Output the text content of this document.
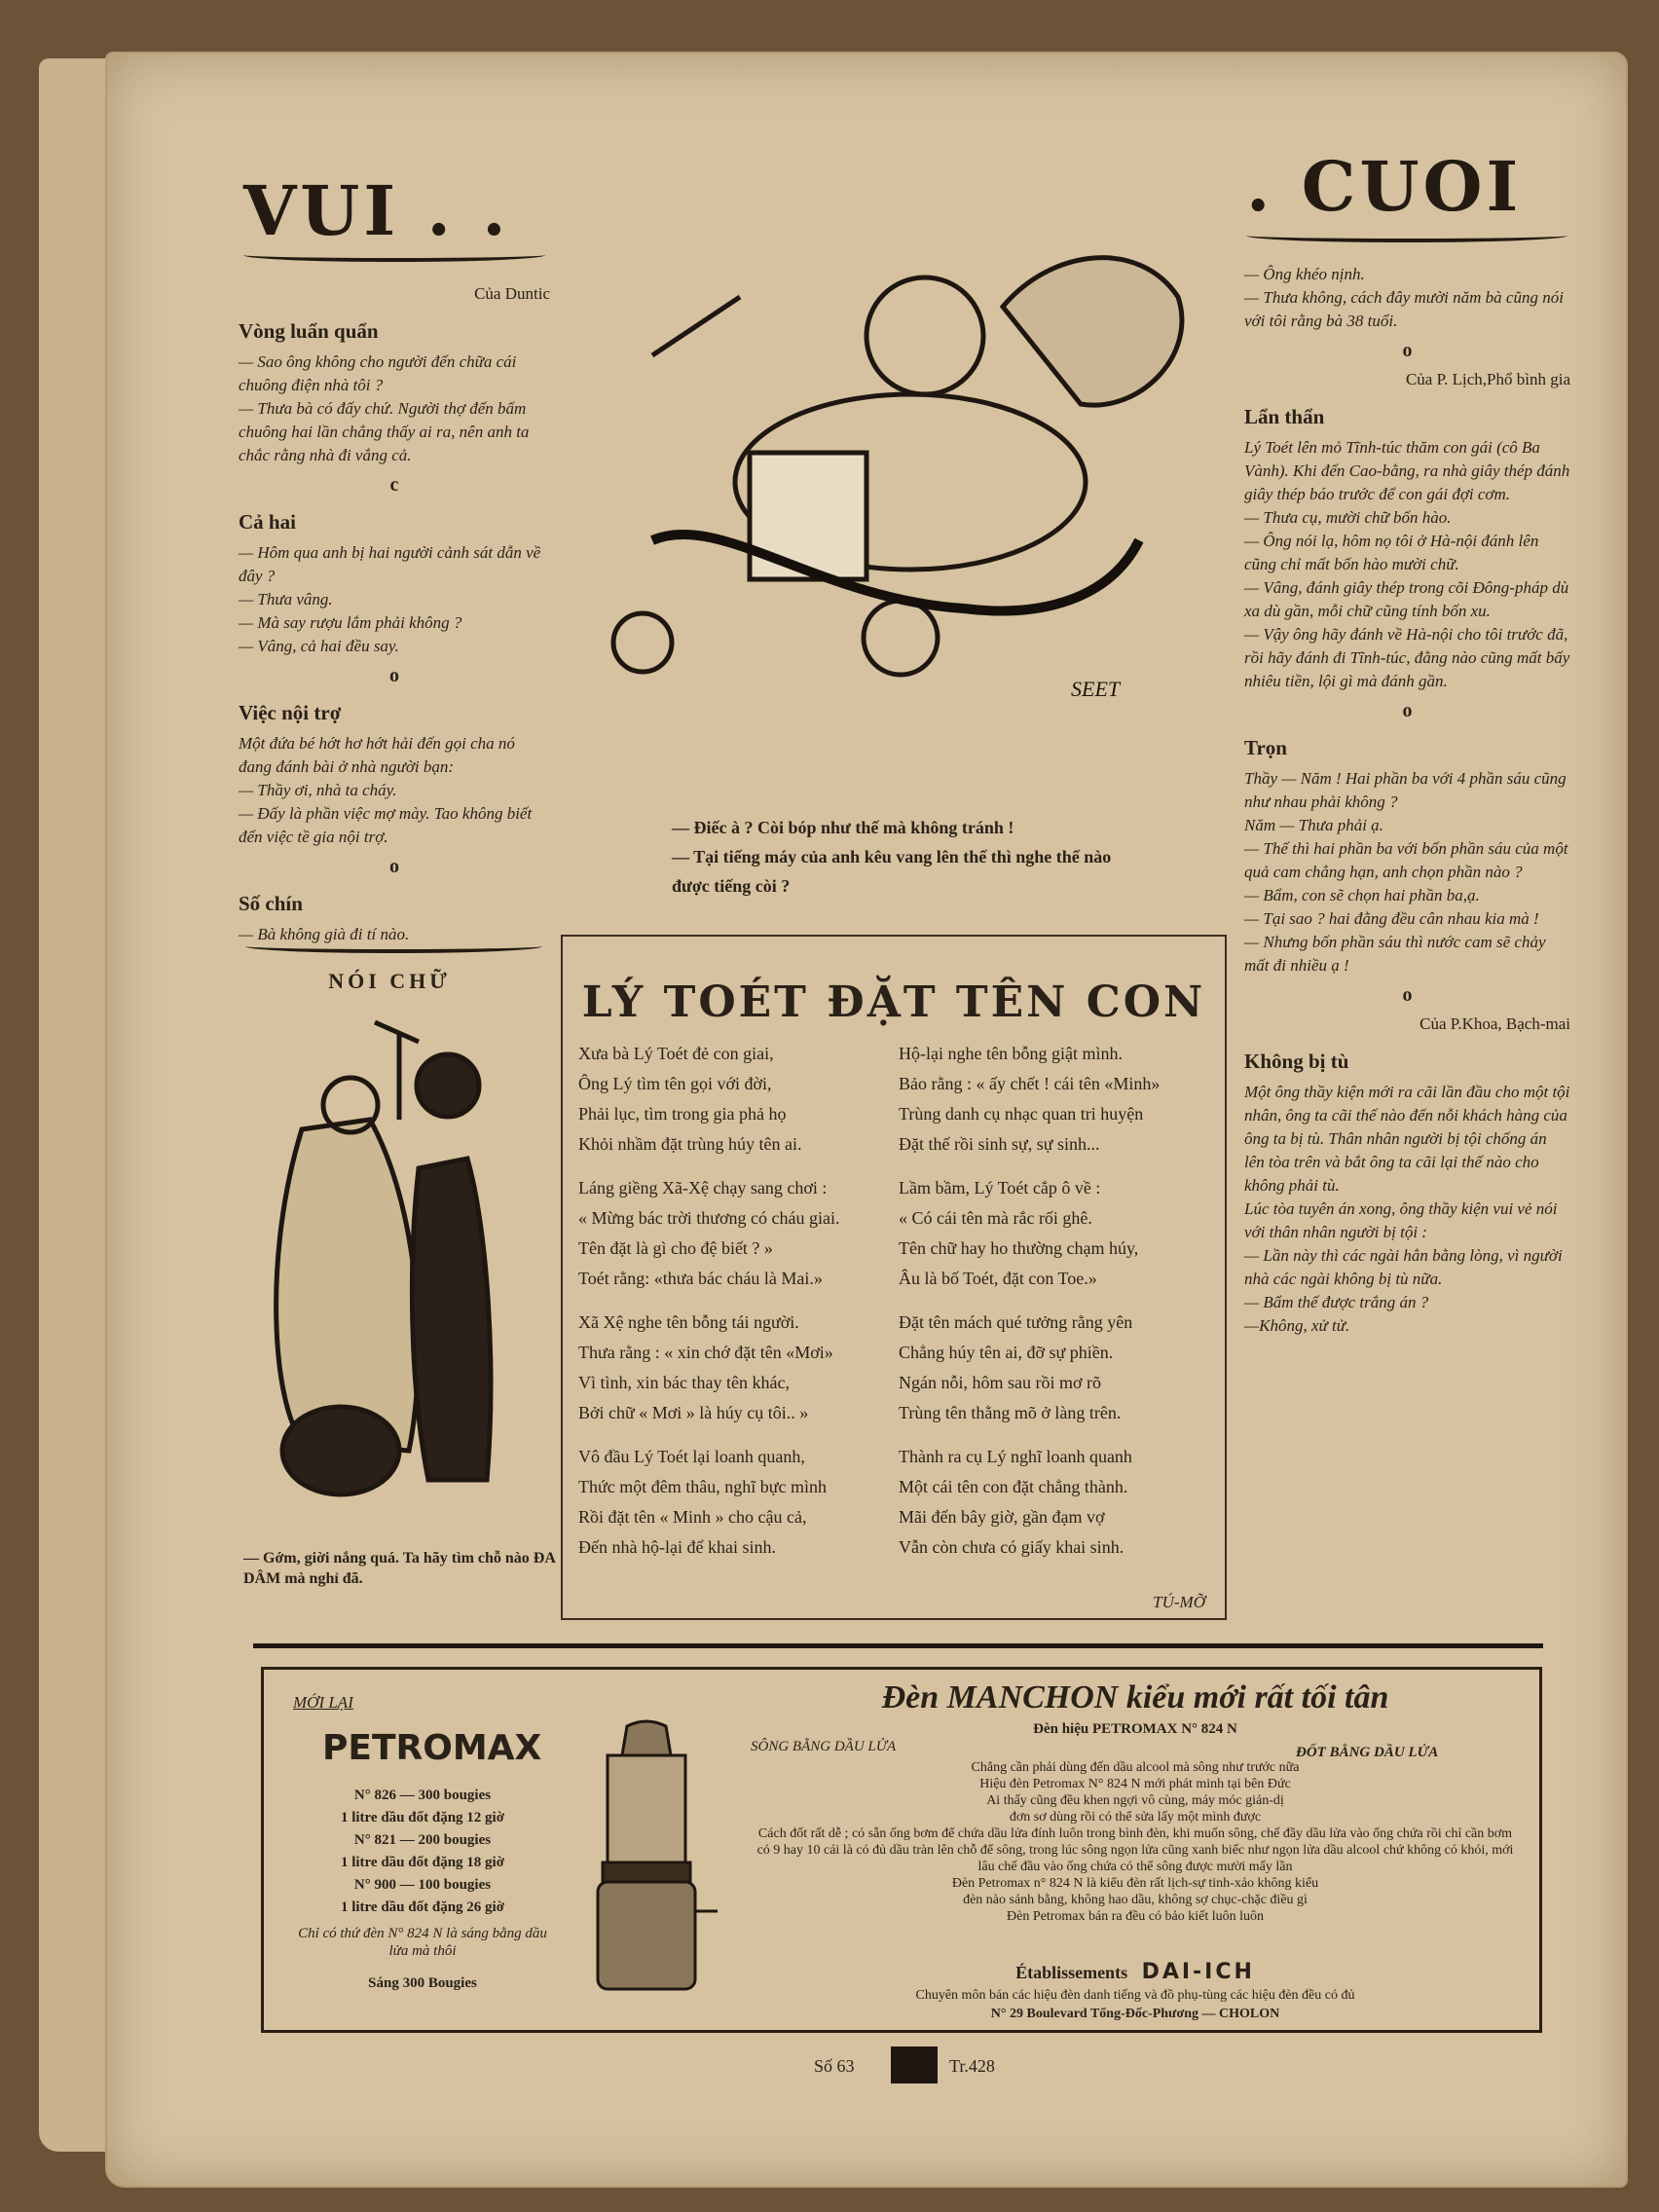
VUI . .	. CUOI
Của Duntic
Vòng luẩn quẩn

— Sao ông không cho người đến chữa cái chuông điện nhà tôi ?

— Thưa bà có đấy chứ. Người thợ đến bấm chuông hai lần chẳng thấy ai ra, nên anh ta chắc rằng nhà đi vắng cả.

c
Cả hai

— Hôm qua anh bị hai người cảnh sát dẫn về đây ?

— Thưa vâng.

— Mà say rượu lắm phải không ?

— Vâng, cả hai đều say.

o
Việc nội trợ

Một đứa bé hớt hơ hớt hải đến gọi cha nó đang đánh bài ở nhà người bạn:

— Thầy ơi, nhà ta cháy.

— Đấy là phần việc mợ mày. Tao không biết đến việc tề gia nội trợ.

o
Số chín

— Bà không già đi tí nào.

SEET
— Điếc à ? Còi bóp như thế mà không tránh !
— Tại tiếng máy của anh kêu vang lên thế thì nghe thế nào được tiếng còi ?
NÓI CHỮ
— Gớm, giời nắng quá. Ta hãy tìm chỗ nào ĐA DÂM mà nghỉ đã.
LÝ TOÉT ĐẶT TÊN CON
Xưa bà Lý Toét đẻ con giai,
Ông Lý tìm tên gọi với đời,
Phải lục, tìm trong gia phả họ
Khỏi nhầm đặt trùng húy tên ai.
Láng giềng Xã-Xệ chạy sang chơi :
« Mừng bác trời thương có cháu giai.
Tên đặt là gì cho đệ biết ? »
Toét rằng: «thưa bác cháu là Mai.»
Xã Xệ nghe tên bỗng tái người.
Thưa rằng : « xin chớ đặt tên «Mơi»
Vì tình, xin bác thay tên khác,
Bởi chữ « Mơi » là húy cụ tôi.. »
Vô đầu Lý Toét lại loanh quanh,
Thức một đêm thâu, nghĩ bực mình
Rồi đặt tên « Minh » cho cậu cả,
Đến nhà hộ-lại để khai sinh.
Hộ-lại nghe tên bỗng giật mình.
Bảo rằng : « ấy chết ! cái tên «Minh»
Trùng danh cụ nhạc quan tri huyện
Đặt thế rồi sinh sự, sự sinh...
Lầm bầm, Lý Toét cắp ô về :
« Có cái tên mà rắc rối ghê.
Tên chữ hay ho thường chạm húy,
Âu là bố Toét, đặt con Toe.»
Đặt tên mách qué tưởng rằng yên
Chẳng húy tên ai, đỡ sự phiền.
Ngán nỗi, hôm sau rồi mơ rõ
Trùng tên thằng mõ ở làng trên.
Thành ra cụ Lý nghĩ loanh quanh
Một cái tên con đặt chẳng thành.
Mãi đến bây giờ, gần đạm vợ
Vẫn còn chưa có giấy khai sinh.
TÚ-MỠ

— Ông khéo nịnh.

— Thưa không, cách đây mười năm bà cũng nói với tôi rằng bà 38 tuổi.

o
Của P. Lịch,Phổ bình gia
Lẩn thẩn

Lý Toét lên mỏ Tĩnh-túc thăm con gái (cô Ba Vành). Khi đến Cao-bằng, ra nhà giây thép đánh giây thép báo trước để con gái đợi cơm.

— Thưa cụ, mười chữ bốn hào.

— Ông nói lạ, hôm nọ tôi ở Hà-nội đánh lên cũng chỉ mất bốn hào mười chữ.

— Vâng, đánh giây thép trong cõi Đông-pháp dù xa dù gần, mỗi chữ cũng tính bốn xu.

— Vậy ông hãy đánh về Hà-nội cho tôi trước đã, rồi hãy đánh đi Tĩnh-túc, đằng nào cũng mất bấy nhiêu tiền, lội gì mà đánh gần.

o
Trọn

Thầy — Năm ! Hai phần ba với 4 phần sáu cũng như nhau phải không ?

Năm — Thưa phải ạ.

— Thế thì hai phần ba với bốn phần sáu của một quả cam chẳng hạn, anh chọn phần nào ?

— Bẩm, con sẽ chọn hai phần ba,ạ.

— Tại sao ? hai đằng đều cân nhau kia mà !

— Nhưng bốn phần sáu thì nước cam sẽ chảy mất đi nhiều ạ !

o
Của P.Khoa, Bạch-mai
Không bị tù

Một ông thầy kiện mới ra cãi lần đầu cho một tội nhân, ông ta cãi thế nào đến nỗi khách hàng của ông ta bị tù. Thân nhân người bị tội chống án lên tòa trên và bắt ông ta cãi lại thế nào cho không phải tù.

Lúc tòa tuyên án xong, ông thầy kiện vui vẻ nói với thân nhân người bị tội :

— Lần này thì các ngài hẳn bằng lòng, vì người nhà các ngài không bị tù nữa.

— Bẩm thế được trắng án ?

—Không, xử tử.

MỚI LẠI
PETROMAX
N° 826 — 300 bougies
1 litre dầu đốt đặng 12 giờ
N° 821 — 200 bougies
1 litre dầu đốt đặng 18 giờ
N° 900 — 100 bougies
1 litre dầu đốt đặng 26 giờ
Chỉ có thứ đèn N° 824 N là sáng bằng dầu lửa mà thôi
Sáng 300 Bougies
Đèn MANCHON kiểu mới rất tối tân
Đèn hiệu PETROMAX N° 824 N
SÔNG BẰNG DẦU LỬA	ĐỐT BẰNG DẦU LỬA
Chẳng cần phải dùng đến dầu alcool mà sông như trước nữa
Hiệu đèn Petromax N° 824 N mới phát minh tại bên Đức
Ai thấy cũng đều khen ngợi vô cùng, máy móc giản-dị
đơn sơ dùng rồi có thể sửa lấy một mình được
Cách đốt rất dễ ; có sẵn ống bơm để chứa dầu lửa đính luôn trong bình đèn, khi muốn sông, chế đầy dầu lửa vào ống chứa rồi chỉ cần bơm có 9 hay 10 cái là có đủ dầu tràn lên chỗ để sông, trong lúc sông ngọn lửa cũng xanh biếc như ngọn lửa dầu alcool chứ không có khói, mới lâu chế đầu vào ống chứa có thể sông được mười mấy lần
Đèn Petromax n° 824 N là kiểu đèn rất lịch-sự tinh-xảo không kiểu
đèn nào sánh bằng, không hao dầu, không sợ chục-chặc điều gì
Đèn Petromax bán ra đều có bảo kiết luôn luôn
Établissements DAI-ICH
Chuyên môn bán các hiệu đèn danh tiếng và đồ phụ-tùng các hiệu đèn đều có đủ
N° 29 Boulevard Tổng-Đốc-Phương — CHOLON
Số 63	Tr.428
